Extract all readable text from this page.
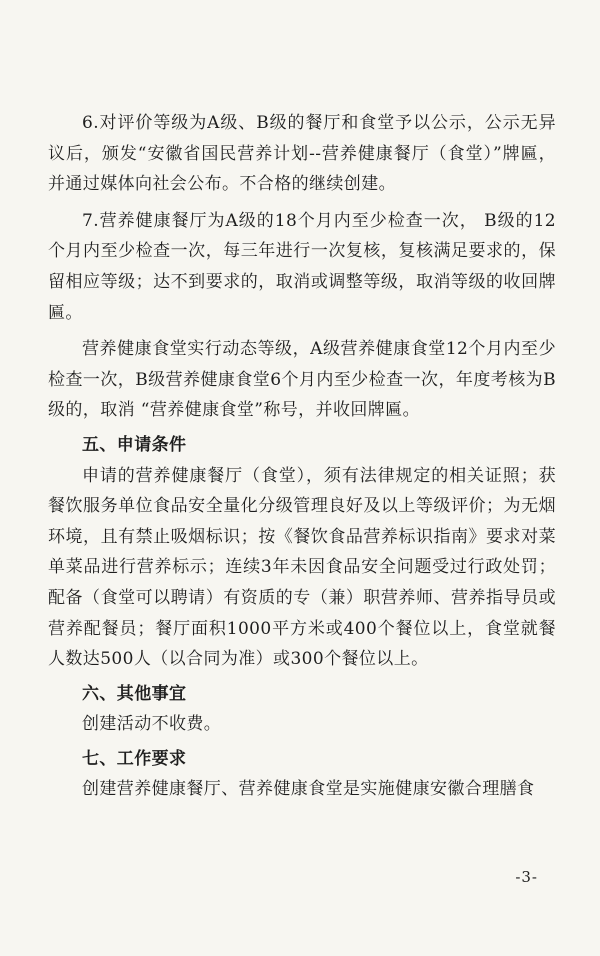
6.对评价等级为A级、B级的餐厅和食堂予以公示，公示无异议后，颁发“安徽省国民营养计划--营养健康餐厅（食堂）”牌匾，并通过媒体向社会公布。不合格的继续创建。

7.营养健康餐厅为A级的18个月内至少检查一次， B级的12个月内至少检查一次，每三年进行一次复核，复核满足要求的，保留相应等级；达不到要求的，取消或调整等级，取消等级的收回牌匾。

营养健康食堂实行动态等级，A级营养健康食堂12个月内至少检查一次，B级营养健康食堂6个月内至少检查一次，年度考核为B级的，取消 “营养健康食堂”称号，并收回牌匾。

五、申请条件

申请的营养健康餐厅（食堂），须有法律规定的相关证照；获餐饮服务单位食品安全量化分级管理良好及以上等级评价；为无烟环境，且有禁止吸烟标识；按《餐饮食品营养标识指南》要求对菜单菜品进行营养标示；连续3年未因食品安全问题受过行政处罚；配备（食堂可以聘请）有资质的专（兼）职营养师、营养指导员或营养配餐员；餐厅面积1000平方米或400个餐位以上，食堂就餐人数达500人（以合同为准）或300个餐位以上。

六、其他事宜

创建活动不收费。

七、工作要求

创建营养健康餐厅、营养健康食堂是实施健康安徽合理膳食

-3-
